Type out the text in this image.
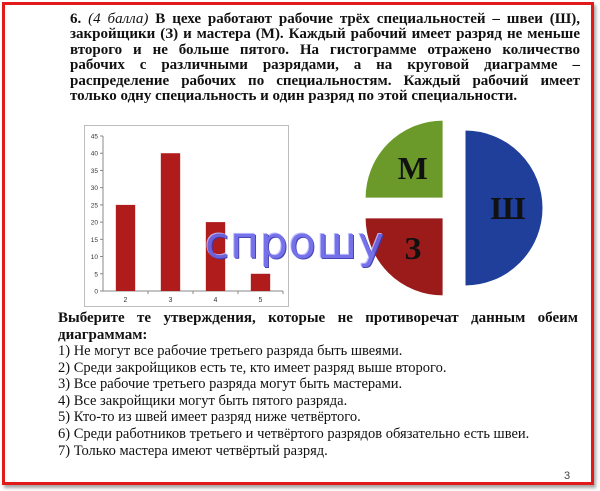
6. (4 балла) В цехе работают рабочие трёх специальностей – швеи (Ш), закройщики (З) и мастера (М). Каждый рабочий имеет разряд не меньше второго и не больше пятого. На гистограмме отражено количество рабочих с различными разрядами, а на круговой диаграмме – распределение рабочих по специальностям. Каждый рабочий имеет только одну специальность и один разряд по этой специальности.
0
5
10
15
20
25
30
35
40
45
2	3	4	5
Ш
З
М
спрошу
Выберите те утверждения, которые не противоречат данным обеим диаграммам:
1) Не могут все рабочие третьего разряда быть швеями.
2) Среди закройщиков есть те, кто имеет разряд выше второго.
3) Все рабочие третьего разряда могут быть мастерами.
4) Все закройщики могут быть пятого разряда.
5) Кто-то из швей имеет разряд ниже четвёртого.
6) Среди работников третьего и четвёртого разрядов обязательно есть швеи.
7) Только мастера имеют четвёртый разряд.
3
